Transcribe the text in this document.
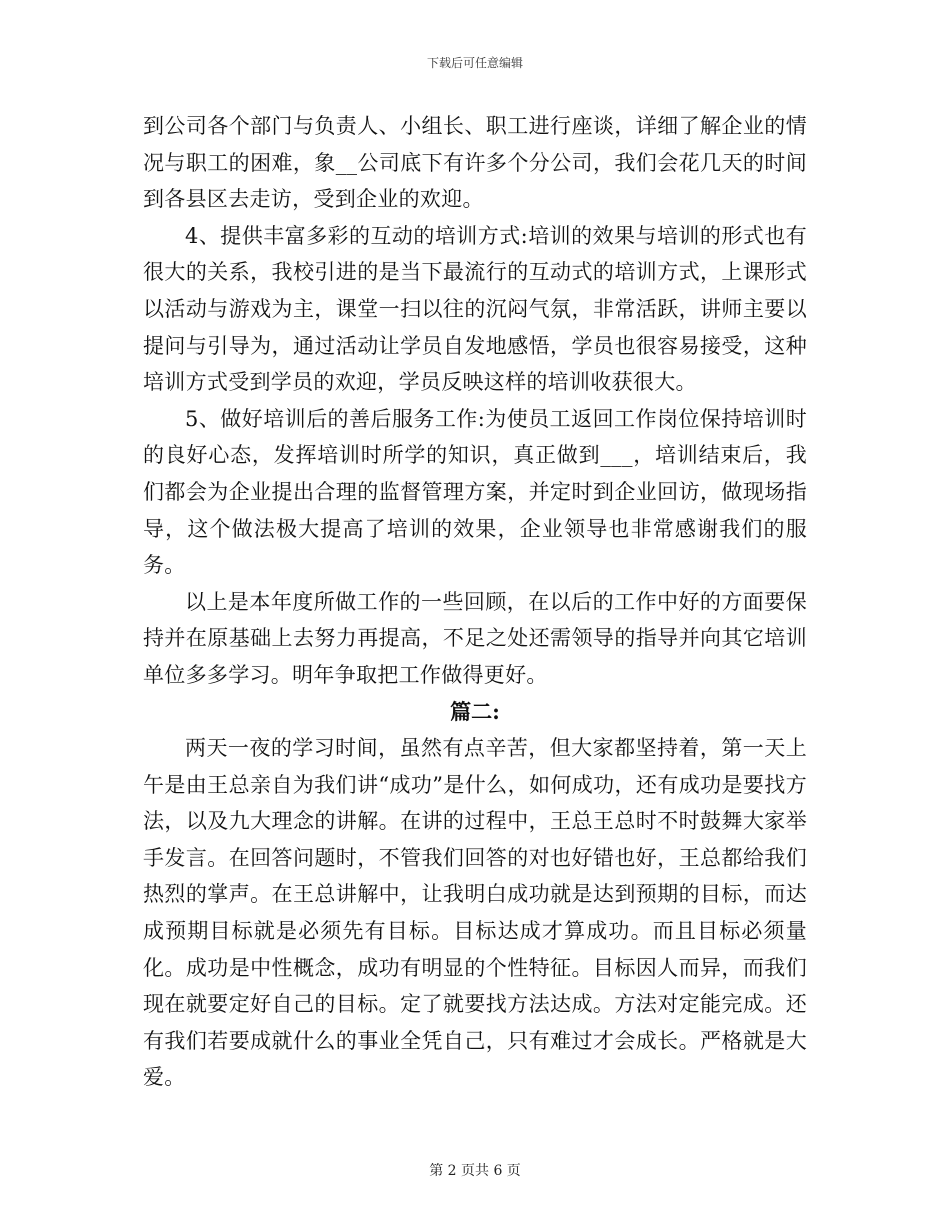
下载后可任意编辑

到公司各个部门与负责人、小组长、职工进行座谈，详细了解企业的情况与职工的困难，象__公司底下有许多个分公司，我们会花几天的时间到各县区去走访，受到企业的欢迎。

4、提供丰富多彩的互动的培训方式:培训的效果与培训的形式也有很大的关系，我校引进的是当下最流行的互动式的培训方式，上课形式以活动与游戏为主，课堂一扫以往的沉闷气氛，非常活跃，讲师主要以提问与引导为，通过活动让学员自发地感悟，学员也很容易接受，这种培训方式受到学员的欢迎，学员反映这样的培训收获很大。

5、做好培训后的善后服务工作:为使员工返回工作岗位保持培训时的良好心态，发挥培训时所学的知识，真正做到___，培训结束后，我们都会为企业提出合理的监督管理方案，并定时到企业回访，做现场指导，这个做法极大提高了培训的效果，企业领导也非常感谢我们的服务。

以上是本年度所做工作的一些回顾，在以后的工作中好的方面要保持并在原基础上去努力再提高，不足之处还需领导的指导并向其它培训单位多多学习。明年争取把工作做得更好。

篇二:

两天一夜的学习时间，虽然有点辛苦，但大家都坚持着，第一天上午是由王总亲自为我们讲“成功”是什么，如何成功，还有成功是要找方法，以及九大理念的讲解。在讲的过程中，王总王总时不时鼓舞大家举手发言。在回答问题时，不管我们回答的对也好错也好，王总都给我们热烈的掌声。在王总讲解中，让我明白成功就是达到预期的目标，而达成预期目标就是必须先有目标。目标达成才算成功。而且目标必须量化。成功是中性概念，成功有明显的个性特征。目标因人而异，而我们现在就要定好自己的目标。定了就要找方法达成。方法对定能完成。还有我们若要成就什么的事业全凭自己，只有难过才会成长。严格就是大爱。

第 2 页共 6 页
